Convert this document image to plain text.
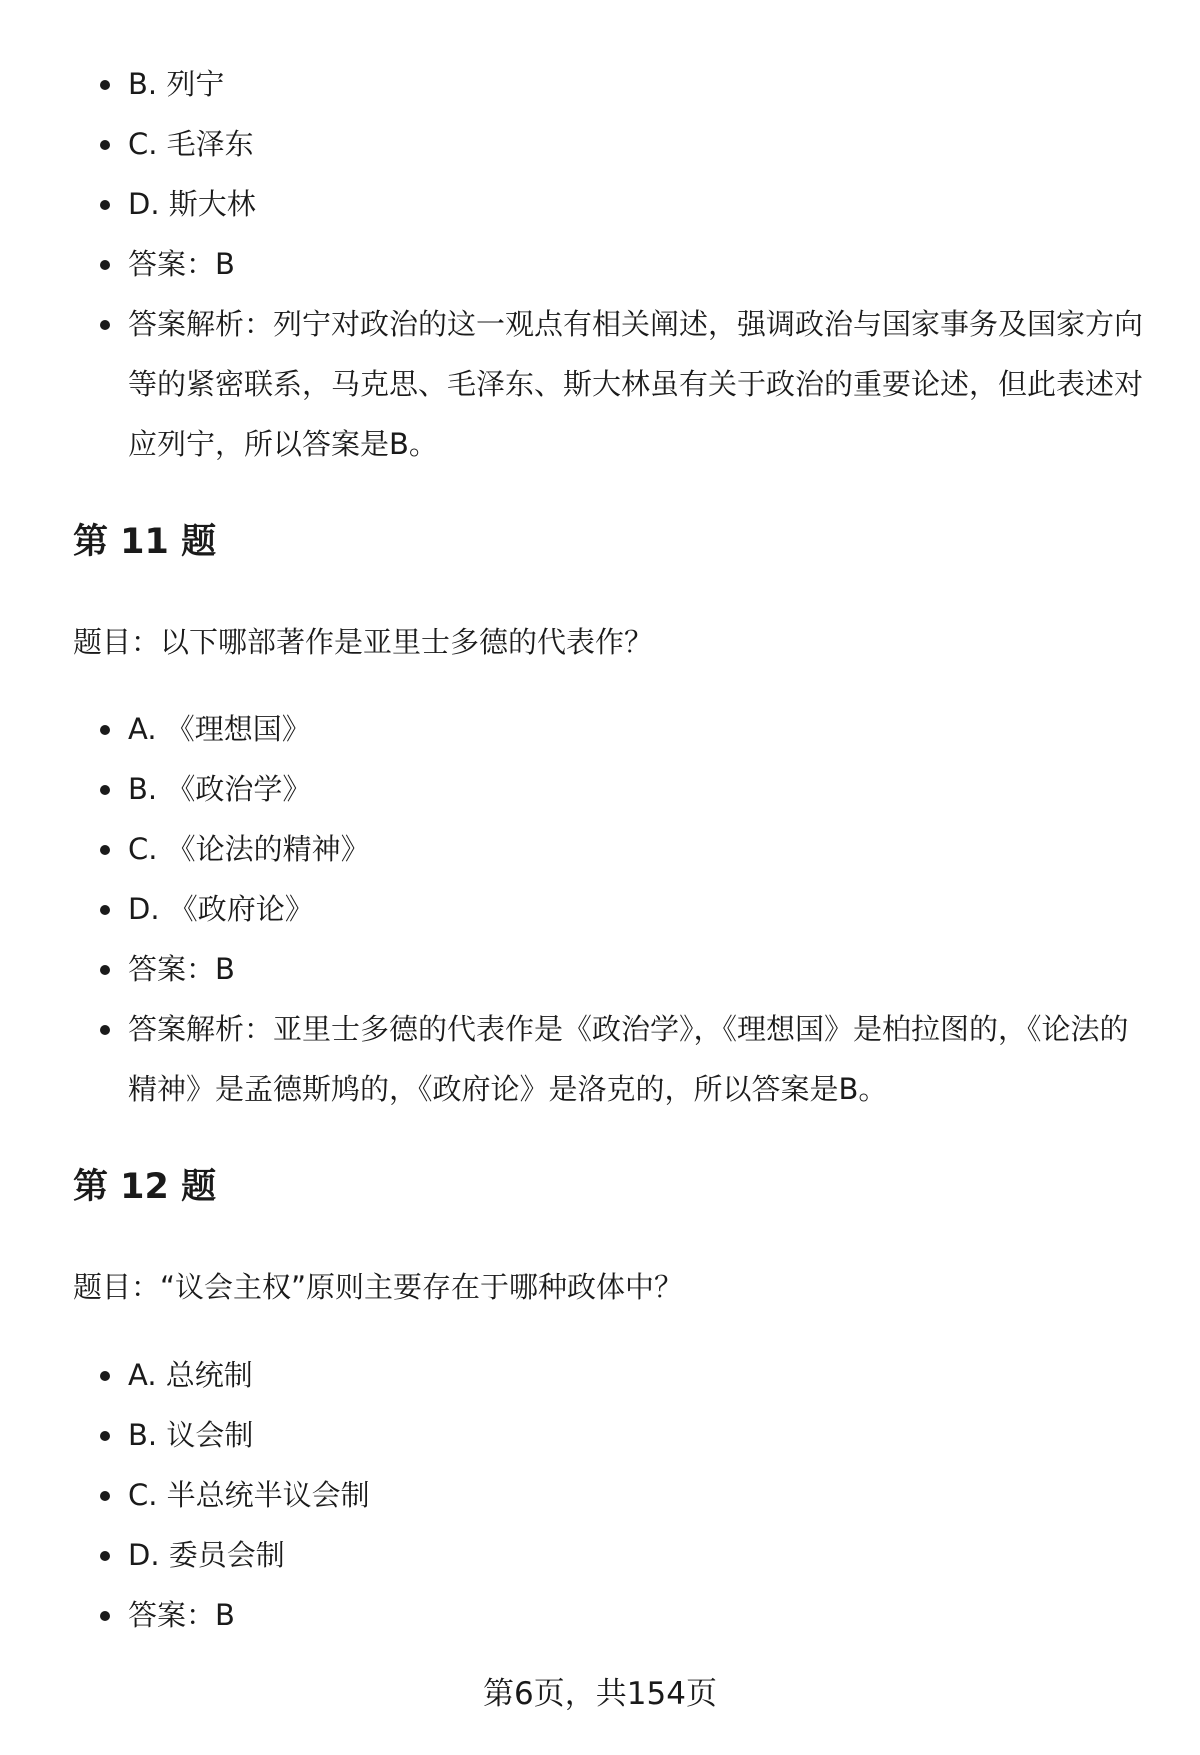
B. 列宁
C. 毛泽东
D. 斯大林
答案：B
答案解析：列宁对政治的这一观点有相关阐述，强调政治与国家事务及国家方向等的紧密联系，马克思、毛泽东、斯大林虽有关于政治的重要论述，但此表述对应列宁，所以答案是B。
第 11 题

题目：以下哪部著作是亚里士多德的代表作？

A. 《理想国》
B. 《政治学》
C. 《论法的精神》
D. 《政府论》
答案：B
答案解析：亚里士多德的代表作是《政治学》，《理想国》是柏拉图的，《论法的精神》是孟德斯鸠的，《政府论》是洛克的，所以答案是B。
第 12 题

题目：“议会主权”原则主要存在于哪种政体中？

A. 总统制
B. 议会制
C. 半总统半议会制
D. 委员会制
答案：B
第6页，共154页
